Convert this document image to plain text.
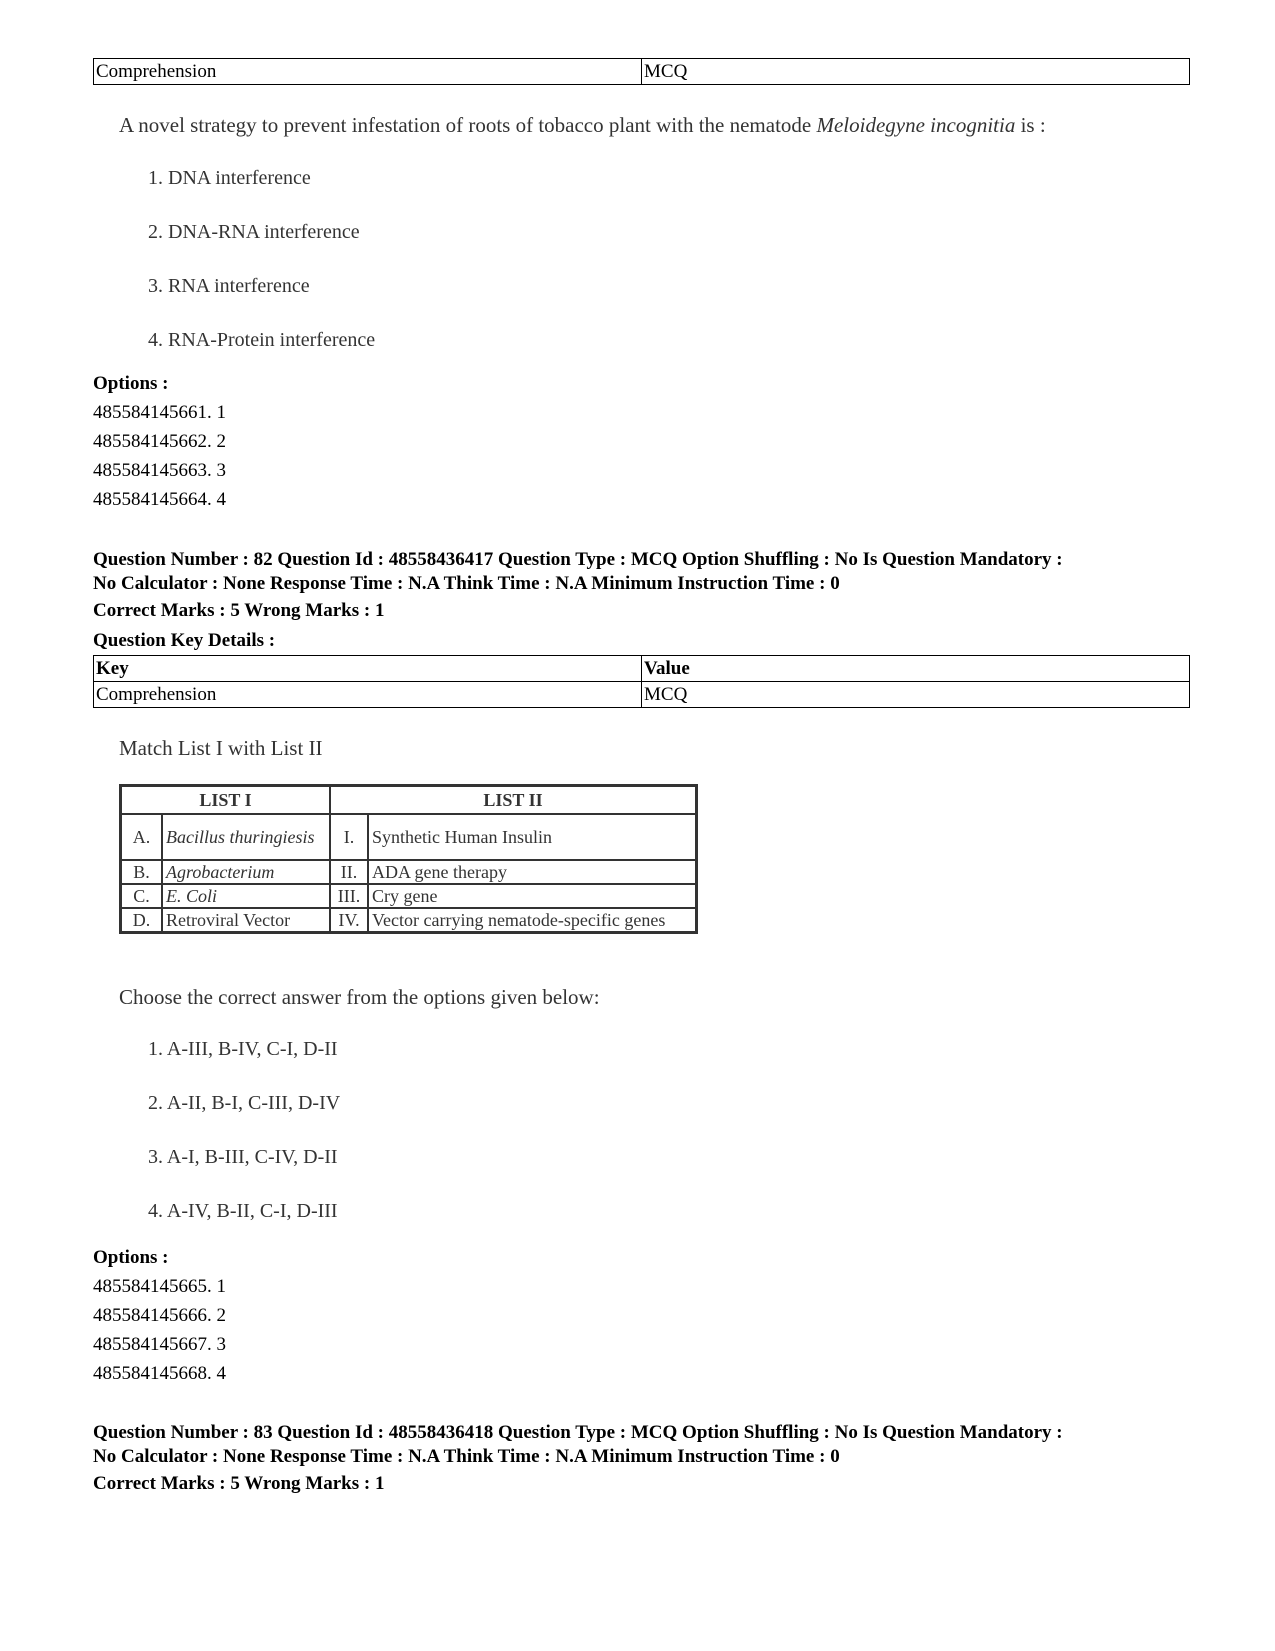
Comprehension	MCQ
A novel strategy to prevent infestation of roots of tobacco plant with the nematode Meloidegyne incognitia is :
1. DNA interference
2. DNA-RNA interference
3. RNA interference
4. RNA-Protein interference
Options :
485584145661. 1
485584145662. 2
485584145663. 3
485584145664. 4
Question Number : 82 Question Id : 48558436417 Question Type : MCQ Option Shuffling : No Is Question Mandatory :
No Calculator : None Response Time : N.A Think Time : N.A Minimum Instruction Time : 0
Correct Marks : 5 Wrong Marks : 1
Question Key Details :
Key	Value
Comprehension	MCQ
Match List I with List II
LIST I		LIST II	
A.	Bacillus thuringiesis	I.	Synthetic Human Insulin
B.	Agrobacterium	II.	ADA gene therapy
C.	E. Coli	III.	Cry gene
D.	Retroviral Vector	IV.	Vector carrying nematode-specific genes
Choose the correct answer from the options given below:
1. A-III, B-IV, C-I, D-II
2. A-II, B-I, C-III, D-IV
3. A-I, B-III, C-IV, D-II
4. A-IV, B-II, C-I, D-III
Options :
485584145665. 1
485584145666. 2
485584145667. 3
485584145668. 4
Question Number : 83 Question Id : 48558436418 Question Type : MCQ Option Shuffling : No Is Question Mandatory :
No Calculator : None Response Time : N.A Think Time : N.A Minimum Instruction Time : 0
Correct Marks : 5 Wrong Marks : 1
